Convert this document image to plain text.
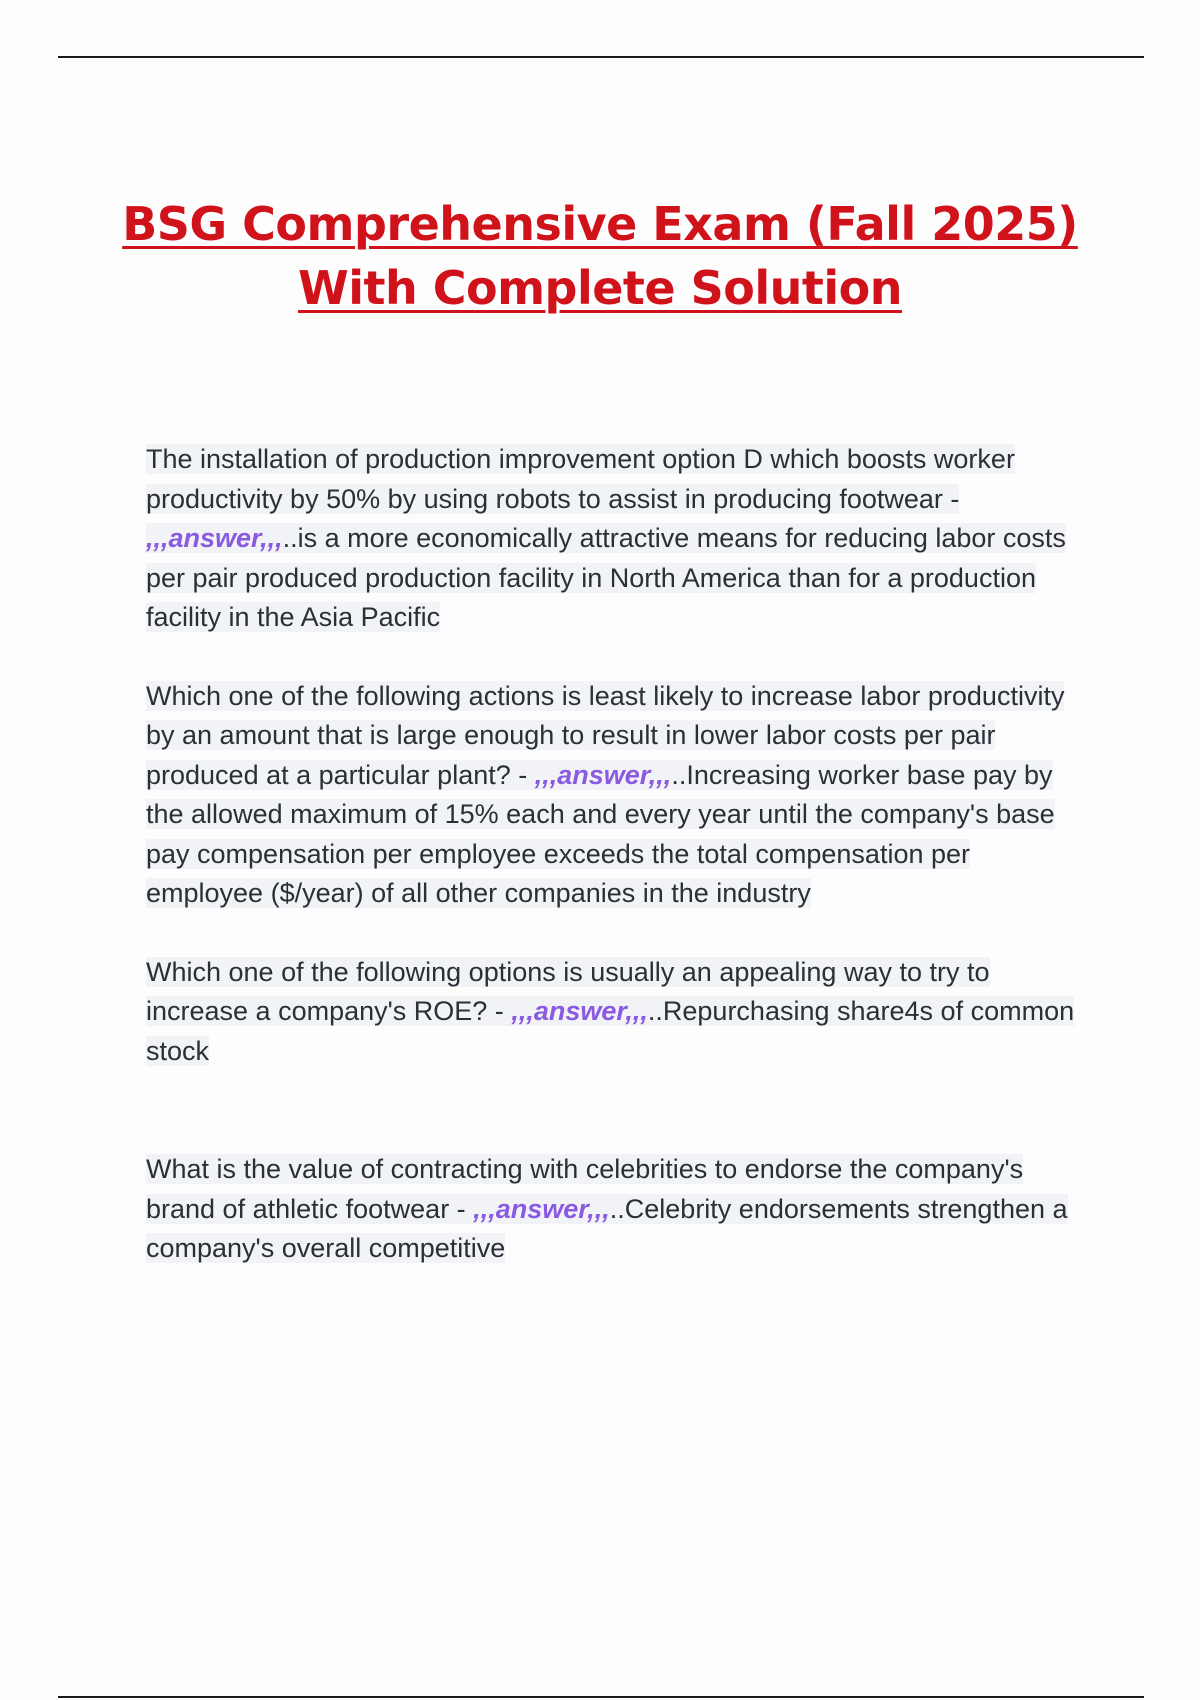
BSG Comprehensive Exam (Fall 2025)
With Complete Solution

The installation of production improvement option D which boosts worker productivity by 50% by using robots to assist in producing footwear - ,,,answer,,,..is a more economically attractive means for reducing labor costs per pair produced production facility in North America than for a production facility in the Asia Pacific

Which one of the following actions is least likely to increase labor productivity by an amount that is large enough to result in lower labor costs per pair produced at a particular plant? - ,,,answer,,,..Increasing worker base pay by the allowed maximum of 15% each and every year until the company's base pay compensation per employee exceeds the total compensation per employee ($/year) of all other companies in the industry

Which one of the following options is usually an appealing way to try to increase a company's ROE? - ,,,answer,,,..Repurchasing share4s of common stock

What is the value of contracting with celebrities to endorse the company's brand of athletic footwear - ,,,answer,,,..Celebrity endorsements strengthen a company's overall competitive
